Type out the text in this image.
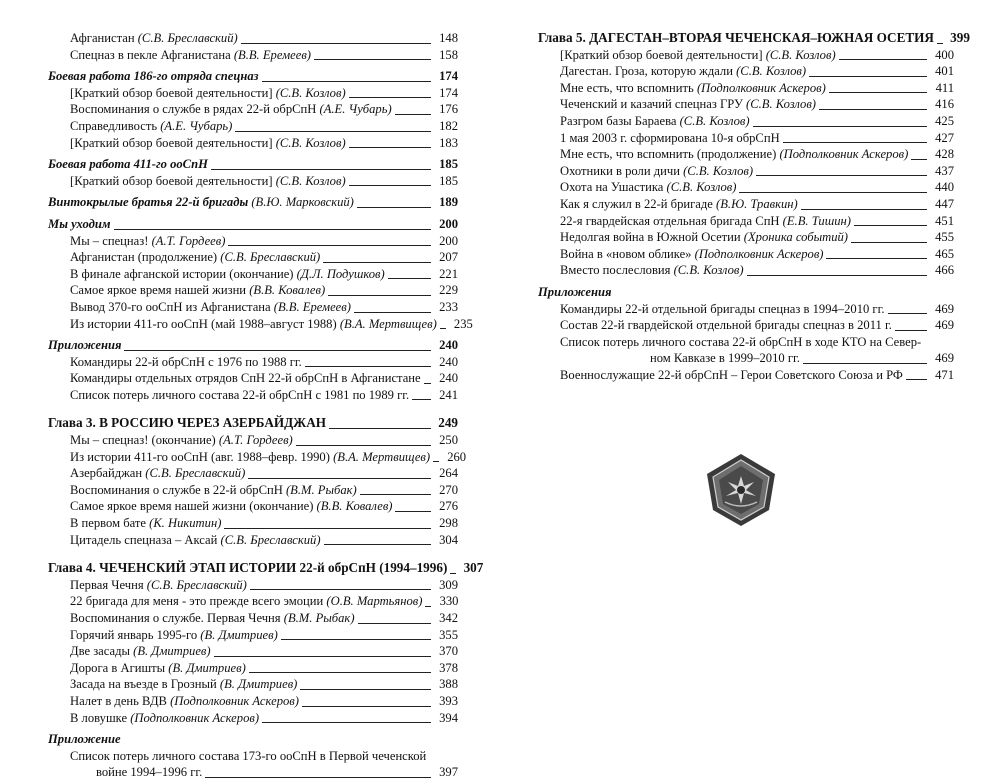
Афганистан (С.В. Бреславский)	148
Спецназ в пекле Афганистана (В.В. Еремеев)	158
Боевая работа 186-го отряда спецназ	174
[Краткий обзор боевой деятельности] (С.В. Козлов)	174
Воспоминания о службе в рядах 22-й обрСпН (А.Е. Чубарь)	176
Справедливость (А.Е. Чубарь)	182
[Краткий обзор боевой деятельности] (С.В. Козлов)	183
Боевая работа 411-го ооСпН	185
[Краткий обзор боевой деятельности] (С.В. Козлов)	185
Винтокрылые братья 22-й бригады (В.Ю. Марковский)	189
Мы уходим	200
Мы – спецназ! (А.Т. Гордеев)	200
Афганистан (продолжение) (С.В. Бреславский)	207
В финале афганской истории (окончание) (Д.Л. Подушков)	221
Самое яркое время нашей жизни (В.В. Ковалев)	229
Вывод 370-го ооСпН из Афганистана (В.В. Еремеев)	233
Из истории 411-го ооСпН (май 1988–август 1988) (В.А. Мертвищев)	235
Приложения	240
Командиры 22-й обрСпН с 1976 по 1988 гг.	240
Командиры отдельных отрядов СпН 22-й обрСпН в Афганистане	240
Список потерь личного состава 22-й обрСпН с 1981 по 1989 гг.	241
Глава 3. В РОССИЮ ЧЕРЕЗ АЗЕРБАЙДЖАН	249
Мы – спецназ! (окончание) (А.Т. Гордеев)	250
Из истории 411-го ооСпН (авг. 1988–февр. 1990) (В.А. Мертвищев)	260
Азербайджан (С.В. Бреславский)	264
Воспоминания о службе в 22-й обрСпН (В.М. Рыбак)	270
Самое яркое время нашей жизни (окончание) (В.В. Ковалев)	276
В первом бате (К. Никитин)	298
Цитадель спецназа – Аксай (С.В. Бреславский)	304
Глава 4. ЧЕЧЕНСКИЙ ЭТАП ИСТОРИИ 22-й обрСпН (1994–1996)	307
Первая Чечня (С.В. Бреславский)	309
22 бригада для меня - это прежде всего эмоции (О.В. Мартьянов)	330
Воспоминания о службе. Первая Чечня (В.М. Рыбак)	342
Горячий январь 1995-го (В. Дмитриев)	355
Две засады (В. Дмитриев)	370
Дорога в Агишты (В. Дмитриев)	378
Засада на въезде в Грозный (В. Дмитриев)	388
Налет в день ВДВ (Подполковник Аскеров)	393
В ловушке (Подполковник Аскеров)	394
Приложение
Список потерь личного состава 173-го ооСпН в Первой чеченской
войне 1994–1996 гг.	397
Глава 5. ДАГЕСТАН–ВТОРАЯ ЧЕЧЕНСКАЯ–ЮЖНАЯ ОСЕТИЯ	399
[Краткий обзор боевой деятельности] (С.В. Козлов)	400
Дагестан. Гроза, которую ждали (С.В. Козлов)	401
Мне есть, что вспомнить (Подполковник Аскеров)	411
Чеченский и казачий спецназ ГРУ (С.В. Козлов)	416
Разгром базы Бараева (С.В. Козлов)	425
1 мая 2003 г. сформирована 10-я обрСпН	427
Мне есть, что вспомнить (продолжение) (Подполковник Аскеров)	428
Охотники в роли дичи (С.В. Козлов)	437
Охота на Ушастика (С.В. Козлов)	440
Как я служил в 22-й бригаде (В.Ю. Травкин)	447
22-я гвардейская отдельная бригада СпН (Е.В. Тишин)	451
Недолгая война в Южной Осетии (Хроника событий)	455
Война в «новом облике» (Подполковник Аскеров)	465
Вместо послесловия (С.В. Козлов)	466
Приложения
Командиры 22-й отдельной бригады спецназ в 1994–2010 гг.	469
Состав 22-й гвардейской отдельной бригады спецназ в 2011 г.	469
Список потерь личного состава 22-й обрСпН в ходе КТО на Север-
ном Кавказе в 1999–2010 гг.	469
Военнослужащие 22-й обрСпН – Герои Советского Союза и РФ	471
